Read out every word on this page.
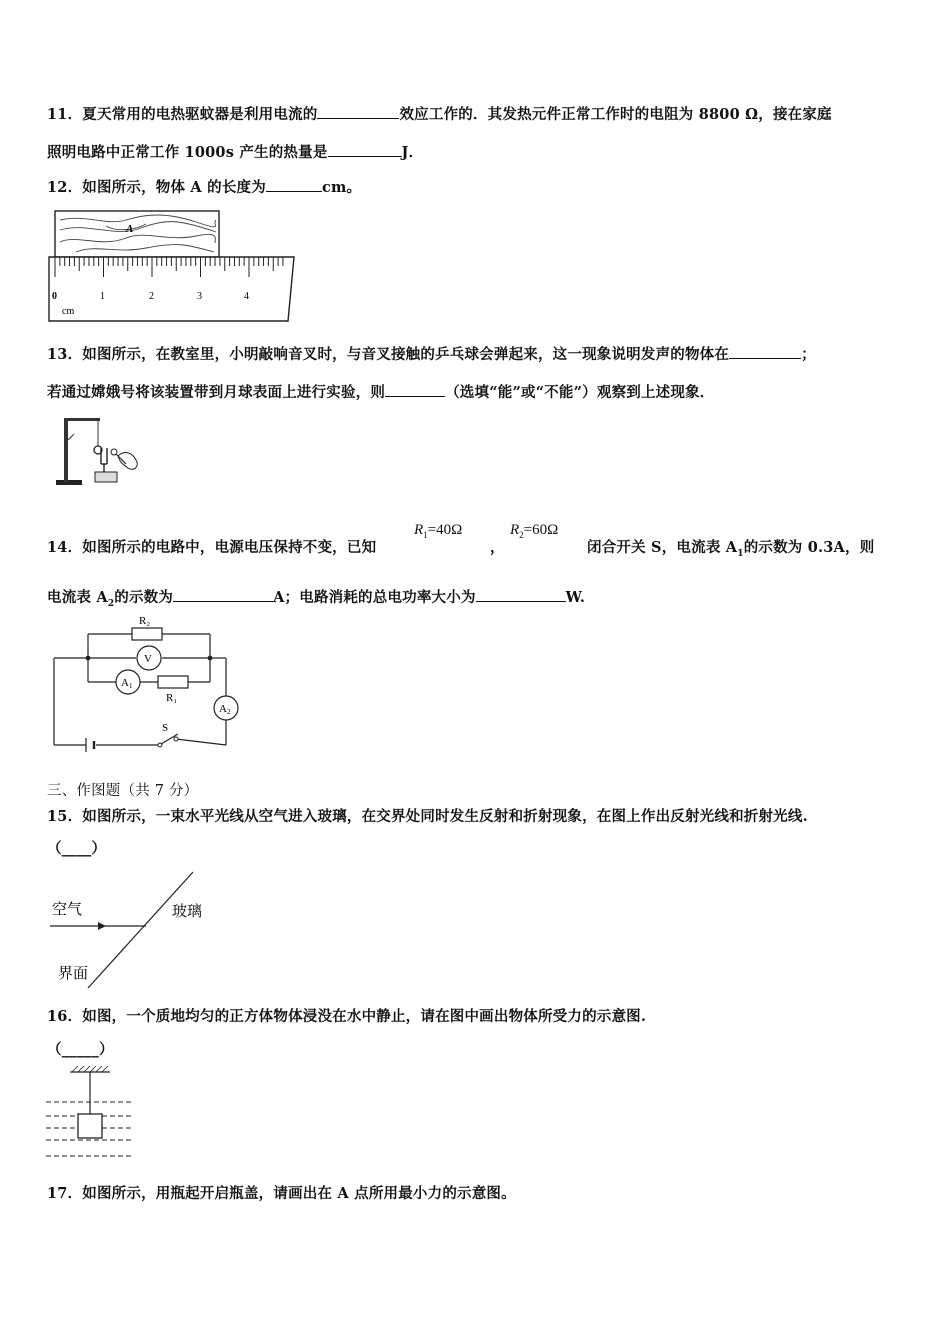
11．夏天常用的电热驱蚊器是利用电流的	效应工作的．其发热元件正常工作时的电阻为 8800 Ω，接在家庭
照明电路中正常工作 1000s 产生的热量是	J．
12．如图所示，物体 A 的长度为	cm。
A
0	1	2	3	4
cm
13．如图所示，在教室里，小明敲响音叉时，与音叉接触的乒乓球会弹起来，这一现象说明发声的物体在	；
若通过嫦娥号将该装置带到月球表面上进行实验，则	（选填“能”或“不能”）观察到上述现象．
14．如图所示的电路中，电源电压保持不变，已知
$R_1=40\Omega$
，
$R_2=60\Omega$
闭合开关 S，电流表 $A_1$的示数为 0.3A，则
电流表 $A_2$的示数为	A；电路消耗的总电功率大小为	W.
R₂
V
A1
R₁
A2
S
三、作图题（共 7 分）
15．如图所示，一束水平光线从空气进入玻璃，在交界处同时发生反射和折射现象，在图上作出反射光线和折射光线.
（____）
空气	玻璃
界面
16．如图，一个质地均匀的正方体物体浸没在水中静止，请在图中画出物体所受力的示意图.
（_____）
17．如图所示，用瓶起开启瓶盖，请画出在 A 点所用最小力的示意图。
